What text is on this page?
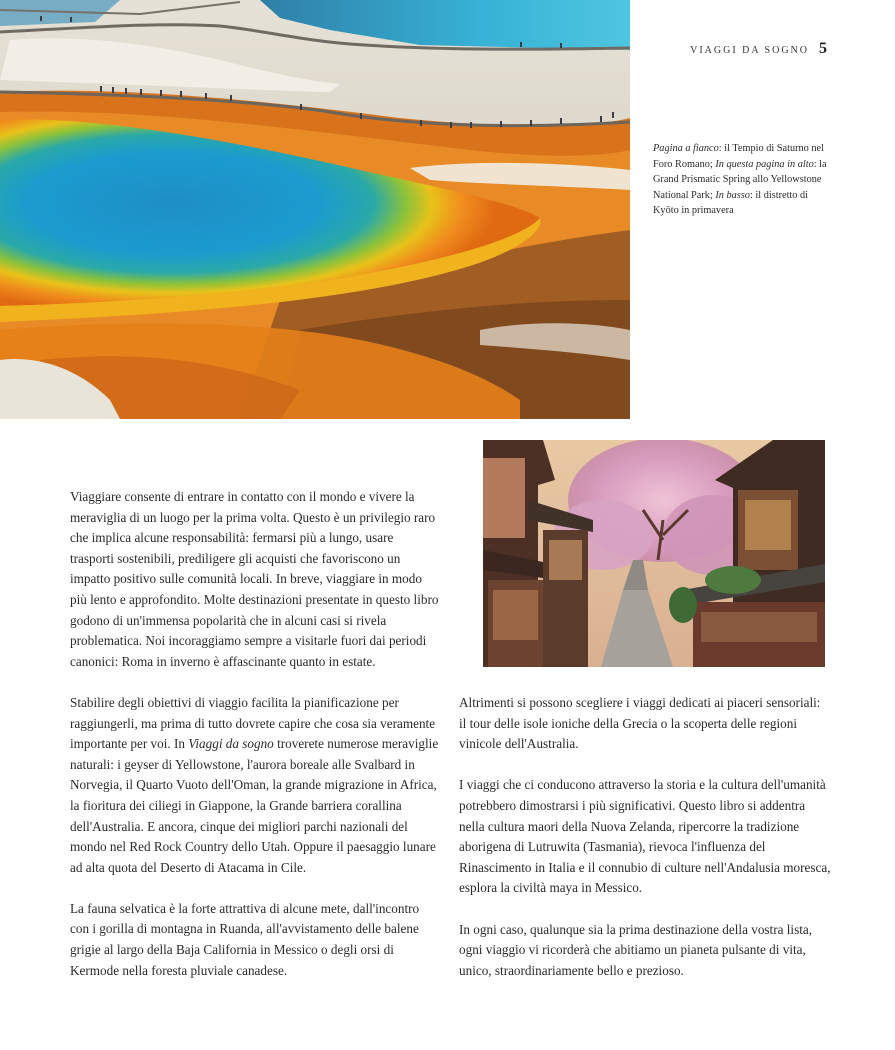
VIAGGI DA SOGNO 5
Pagina a fianco: il Tempio di Saturno nel Foro Romano; In questa pagina in alto: la Grand Prismatic Spring allo Yellowstone National Park; In basso: il distretto di Kyōto in primavera

Viaggiare consente di entrare in contatto con il mondo e vivere la meraviglia di un luogo per la prima volta. Questo è un privilegio raro che implica alcune responsabilità: fermarsi più a lungo, usare trasporti sostenibili, prediligere gli acquisti che favoriscono un impatto positivo sulle comunità locali. In breve, viaggiare in modo più lento e approfondito. Molte destinazioni presentate in questo libro godono di un'immensa popolarità che in alcuni casi si rivela problematica. Noi incoraggiamo sempre a visitarle fuori dai periodi canonici: Roma in inverno è affascinante quanto in estate.

Stabilire degli obiettivi di viaggio facilita la pianificazione per raggiungerli, ma prima di tutto dovrete capire che cosa sia veramente importante per voi. In Viaggi da sogno troverete numerose meraviglie naturali: i geyser di Yellowstone, l'aurora boreale alle Svalbard in Norvegia, il Quarto Vuoto dell'Oman, la grande migrazione in Africa, la fioritura dei ciliegi in Giappone, la Grande barriera corallina dell'Australia. E ancora, cinque dei migliori parchi nazionali del mondo nel Red Rock Country dello Utah. Oppure il paesaggio lunare ad alta quota del Deserto di Atacama in Cile.

La fauna selvatica è la forte attrattiva di alcune mete, dall'incontro con i gorilla di montagna in Ruanda, all'avvistamento delle balene grigie al largo della Baja California in Messico o degli orsi di Kermode nella foresta pluviale canadese.

Altrimenti si possono scegliere i viaggi dedicati ai piaceri sensoriali: il tour delle isole ioniche della Grecia o la scoperta delle regioni vinicole dell'Australia.

I viaggi che ci conducono attraverso la storia e la cultura dell'umanità potrebbero dimostrarsi i più significativi. Questo libro si addentra nella cultura maori della Nuova Zelanda, ripercorre la tradizione aborigena di Lutruwita (Tasmania), rievoca l'influenza del Rinascimento in Italia e il connubio di culture nell'Andalusia moresca, esplora la civiltà maya in Messico.

In ogni caso, qualunque sia la prima destinazione della vostra lista, ogni viaggio vi ricorderà che abitiamo un pianeta pulsante di vita, unico, straordinariamente bello e prezioso.
